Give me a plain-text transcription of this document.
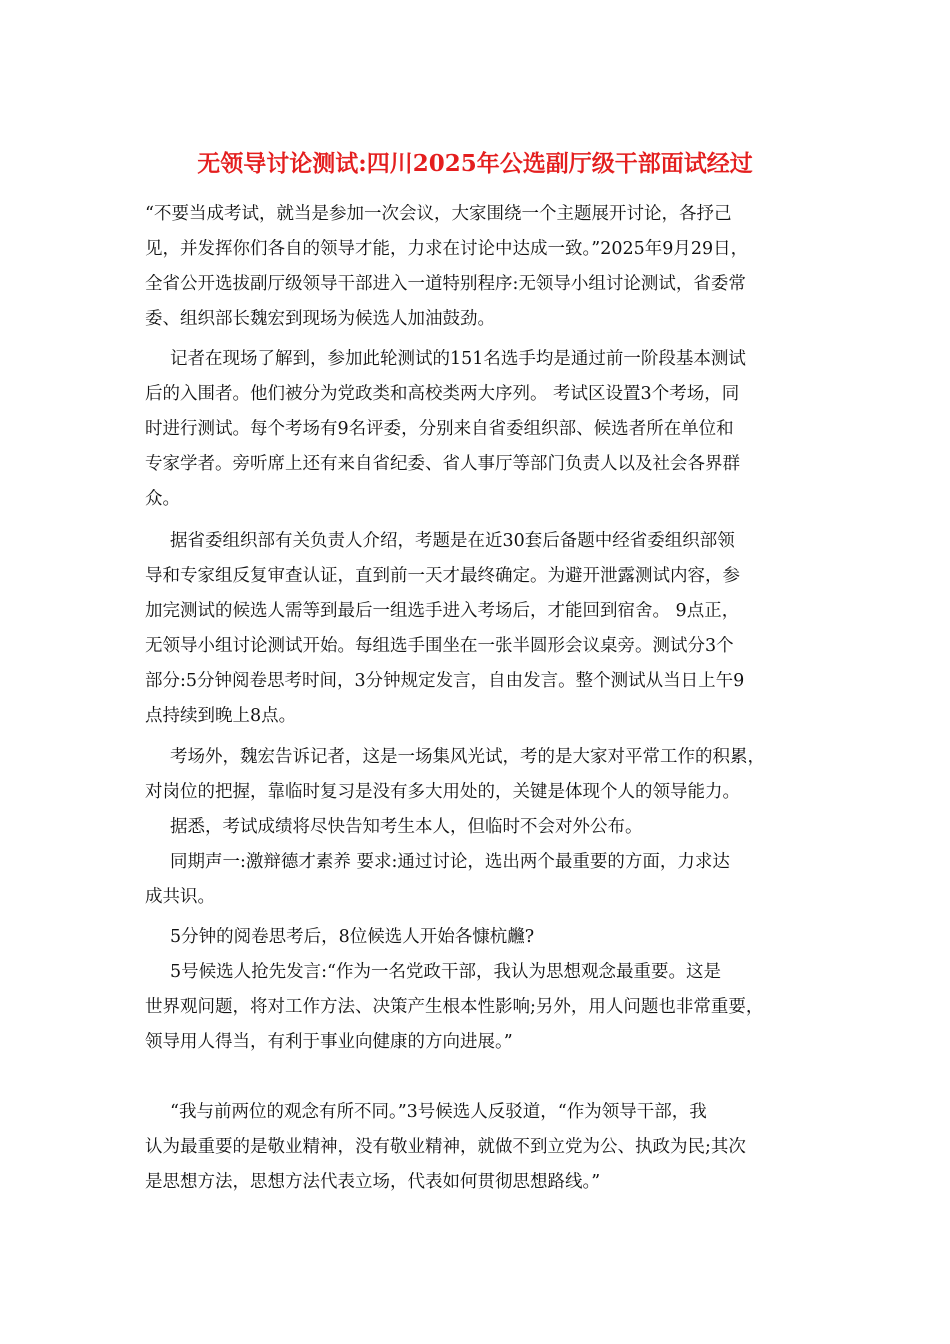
无领导讨论测试:四川2025年公选副厅级干部面试经过
“不要当成考试，就当是参加一次会议，大家围绕一个主题展开讨论，各抒己
见，并发挥你们各自的领导才能，力求在讨论中达成一致。”2025年9月29日，
全省公开选拔副厅级领导干部进入一道特别程序:无领导小组讨论测试，省委常
委、组织部长魏宏到现场为候选人加油鼓劲。
记者在现场了解到，参加此轮测试的151名选手均是通过前一阶段基本测试
后的入围者。他们被分为党政类和高校类两大序列。 考试区设置3个考场，同
时进行测试。每个考场有9名评委，分别来自省委组织部、候选者所在单位和
专家学者。旁听席上还有来自省纪委、省人事厅等部门负责人以及社会各界群
众。
据省委组织部有关负责人介绍，考题是在近30套后备题中经省委组织部领
导和专家组反复审查认证，直到前一天才最终确定。为避开泄露测试内容，参
加完测试的候选人需等到最后一组选手进入考场后，才能回到宿舍。 9点正，
无领导小组讨论测试开始。每组选手围坐在一张半圆形会议桌旁。测试分3个
部分:5分钟阅卷思考时间，3分钟规定发言，自由发言。整个测试从当日上午9
点持续到晚上8点。
考场外，魏宏告诉记者，这是一场集风光试，考的是大家对平常工作的积累，
对岗位的把握，靠临时复习是没有多大用处的，关键是体现个人的领导能力。
据悉，考试成绩将尽快告知考生本人，但临时不会对外公布。
同期声一:激辩德才素养 要求:通过讨论，选出两个最重要的方面，力求达
成共识。
5分钟的阅卷思考后，8位候选人开始各慷杭虪?
5号候选人抢先发言:“作为一名党政干部，我认为思想观念最重要。这是
世界观问题，将对工作方法、决策产生根本性影响;另外，用人问题也非常重要，
领导用人得当，有利于事业向健康的方向进展。”
“我与前两位的观念有所不同。”3号候选人反驳道，“作为领导干部，我
认为最重要的是敬业精神，没有敬业精神，就做不到立党为公、执政为民;其次
是思想方法，思想方法代表立场，代表如何贯彻思想路线。”
